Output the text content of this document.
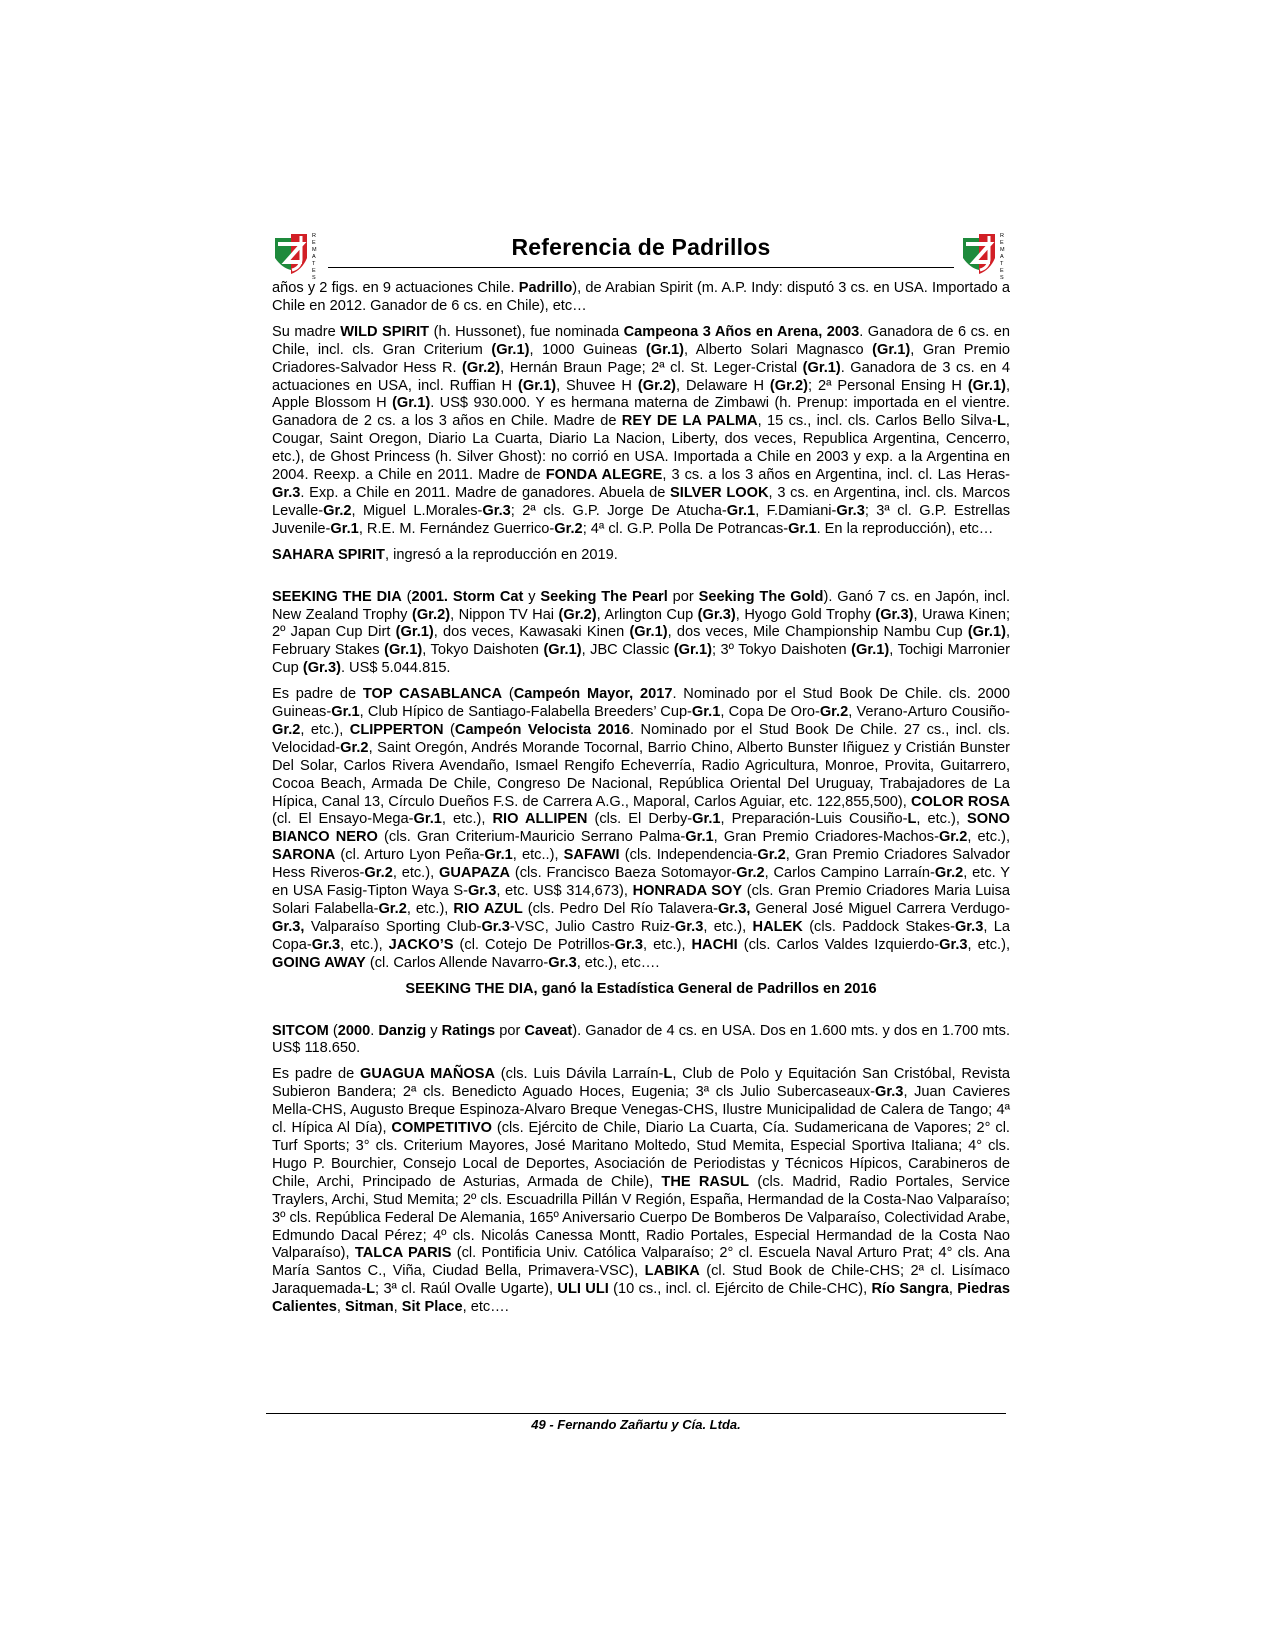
R
E
M
A
T
E
S
Referencia de Padrillos	R
E
M
A
T
E
S

años y 2 figs. en 9 actuaciones Chile. Padrillo), de Arabian Spirit (m. A.P. Indy: disputó 3 cs. en USA. Importado a Chile en 2012. Ganador de 6 cs. en Chile), etc…

Su madre WILD SPIRIT (h. Hussonet), fue nominada Campeona 3 Años en Arena, 2003. Ganadora de 6 cs. en Chile, incl. cls. Gran Criterium (Gr.1), 1000 Guineas (Gr.1), Alberto Solari Magnasco (Gr.1), Gran Premio Criadores-Salvador Hess R. (Gr.2), Hernán Braun Page; 2ª cl. St. Leger-Cristal (Gr.1). Ganadora de 3 cs. en 4 actuaciones en USA, incl. Ruffian H (Gr.1), Shuvee H (Gr.2), Delaware H (Gr.2); 2ª Personal Ensing H (Gr.1), Apple Blossom H (Gr.1). US$ 930.000. Y es hermana materna de Zimbawi (h. Prenup: importada en el vientre. Ganadora de 2 cs. a los 3 años en Chile. Madre de REY DE LA PALMA, 15 cs., incl. cls. Carlos Bello Silva-L, Cougar, Saint Oregon, Diario La Cuarta, Diario La Nacion, Liberty, dos veces, Republica Argentina, Cencerro, etc.), de Ghost Princess (h. Silver Ghost): no corrió en USA. Importada a Chile en 2003 y exp. a la Argentina en 2004. Reexp. a Chile en 2011. Madre de FONDA ALEGRE, 3 cs. a los 3 años en Argentina, incl. cl. Las Heras-Gr.3. Exp. a Chile en 2011. Madre de ganadores. Abuela de SILVER LOOK, 3 cs. en Argentina, incl. cls. Marcos Levalle-Gr.2, Miguel L.Morales-Gr.3; 2ª cls. G.P. Jorge De Atucha-Gr.1, F.Damiani-Gr.3; 3ª cl. G.P. Estrellas Juvenile-Gr.1, R.E. M. Fernández Guerrico-Gr.2; 4ª cl. G.P. Polla De Potrancas-Gr.1. En la reproducción), etc…

SAHARA SPIRIT, ingresó a la reproducción en 2019.

SEEKING THE DIA (2001. Storm Cat y Seeking The Pearl por Seeking The Gold). Ganó 7 cs. en Japón, incl. New Zealand Trophy (Gr.2), Nippon TV Hai (Gr.2), Arlington Cup (Gr.3), Hyogo Gold Trophy (Gr.3), Urawa Kinen; 2º Japan Cup Dirt (Gr.1), dos veces, Kawasaki Kinen (Gr.1), dos veces, Mile Championship Nambu Cup (Gr.1), February Stakes (Gr.1), Tokyo Daishoten (Gr.1), JBC Classic (Gr.1); 3º Tokyo Daishoten (Gr.1), Tochigi Marronier Cup (Gr.3). US$ 5.044.815.

Es padre de TOP CASABLANCA (Campeón Mayor, 2017. Nominado por el Stud Book De Chile. cls. 2000 Guineas-Gr.1, Club Hípico de Santiago-Falabella Breeders’ Cup-Gr.1, Copa De Oro-Gr.2, Verano-Arturo Cousiño-Gr.2, etc.), CLIPPERTON (Campeón Velocista 2016. Nominado por el Stud Book De Chile. 27 cs., incl. cls. Velocidad-Gr.2, Saint Oregón, Andrés Morande Tocornal, Barrio Chino, Alberto Bunster Iñiguez y Cristián Bunster Del Solar, Carlos Rivera Avendaño, Ismael Rengifo Echeverría, Radio Agricultura, Monroe, Provita, Guitarrero, Cocoa Beach, Armada De Chile, Congreso De Nacional, República Oriental Del Uruguay, Trabajadores de La Hípica, Canal 13, Círculo Dueños F.S. de Carrera A.G., Maporal, Carlos Aguiar, etc. 122,855,500), COLOR ROSA (cl. El Ensayo-Mega-Gr.1, etc.), RIO ALLIPEN (cls. El Derby-Gr.1, Preparación-Luis Cousiño-L, etc.), SONO BIANCO NERO (cls. Gran Criterium-Mauricio Serrano Palma-Gr.1, Gran Premio Criadores-Machos-Gr.2, etc.), SARONA (cl. Arturo Lyon Peña-Gr.1, etc..), SAFAWI (cls. Independencia-Gr.2, Gran Premio Criadores Salvador Hess Riveros-Gr.2, etc.), GUAPAZA (cls. Francisco Baeza Sotomayor-Gr.2, Carlos Campino Larraín-Gr.2, etc. Y en USA Fasig-Tipton Waya S-Gr.3, etc. US$ 314,673), HONRADA SOY (cls. Gran Premio Criadores Maria Luisa Solari Falabella-Gr.2, etc.), RIO AZUL (cls. Pedro Del Río Talavera-Gr.3, General José Miguel Carrera Verdugo-Gr.3, Valparaíso Sporting Club-Gr.3-VSC, Julio Castro Ruiz-Gr.3, etc.), HALEK (cls. Paddock Stakes-Gr.3, La Copa-Gr.3, etc.), JACKO’S (cl. Cotejo De Potrillos-Gr.3, etc.), HACHI (cls. Carlos Valdes Izquierdo-Gr.3, etc.), GOING AWAY (cl. Carlos Allende Navarro-Gr.3, etc.), etc….

SEEKING THE DIA, ganó la Estadística General de Padrillos en 2016

SITCOM (2000. Danzig y Ratings por Caveat). Ganador de 4 cs. en USA. Dos en 1.600 mts. y dos en 1.700 mts. US$ 118.650.

Es padre de GUAGUA MAÑOSA (cls. Luis Dávila Larraín-L, Club de Polo y Equitación San Cristóbal, Revista Subieron Bandera; 2ª cls. Benedicto Aguado Hoces, Eugenia; 3ª cls Julio Subercaseaux-Gr.3, Juan Cavieres Mella-CHS, Augusto Breque Espinoza-Alvaro Breque Venegas-CHS, Ilustre Municipalidad de Calera de Tango; 4ª cl. Hípica Al Día), COMPETITIVO (cls. Ejército de Chile, Diario La Cuarta, Cía. Sudamericana de Vapores; 2° cl. Turf Sports; 3° cls. Criterium Mayores, José Maritano Moltedo, Stud Memita, Especial Sportiva Italiana; 4° cls. Hugo P. Bourchier, Consejo Local de Deportes, Asociación de Periodistas y Técnicos Hípicos, Carabineros de Chile, Archi, Principado de Asturias, Armada de Chile), THE RASUL (cls. Madrid, Radio Portales, Service Traylers, Archi, Stud Memita; 2º cls. Escuadrilla Pillán V Región, España, Hermandad de la Costa-Nao Valparaíso; 3º cls. República Federal De Alemania, 165º Aniversario Cuerpo De Bomberos De Valparaíso, Colectividad Arabe, Edmundo Dacal Pérez; 4º cls. Nicolás Canessa Montt, Radio Portales, Especial Hermandad de la Costa Nao Valparaíso), TALCA PARIS (cl. Pontificia Univ. Católica Valparaíso; 2° cl. Escuela Naval Arturo Prat; 4° cls. Ana María Santos C., Viña, Ciudad Bella, Primavera-VSC), LABIKA (cl. Stud Book de Chile-CHS; 2ª cl. Lisímaco Jaraquemada-L; 3ª cl. Raúl Ovalle Ugarte), ULI ULI (10 cs., incl. cl. Ejército de Chile-CHC), Río Sangra, Piedras Calientes, Sitman, Sit Place, etc….

49 - Fernando Zañartu y Cía. Ltda.
